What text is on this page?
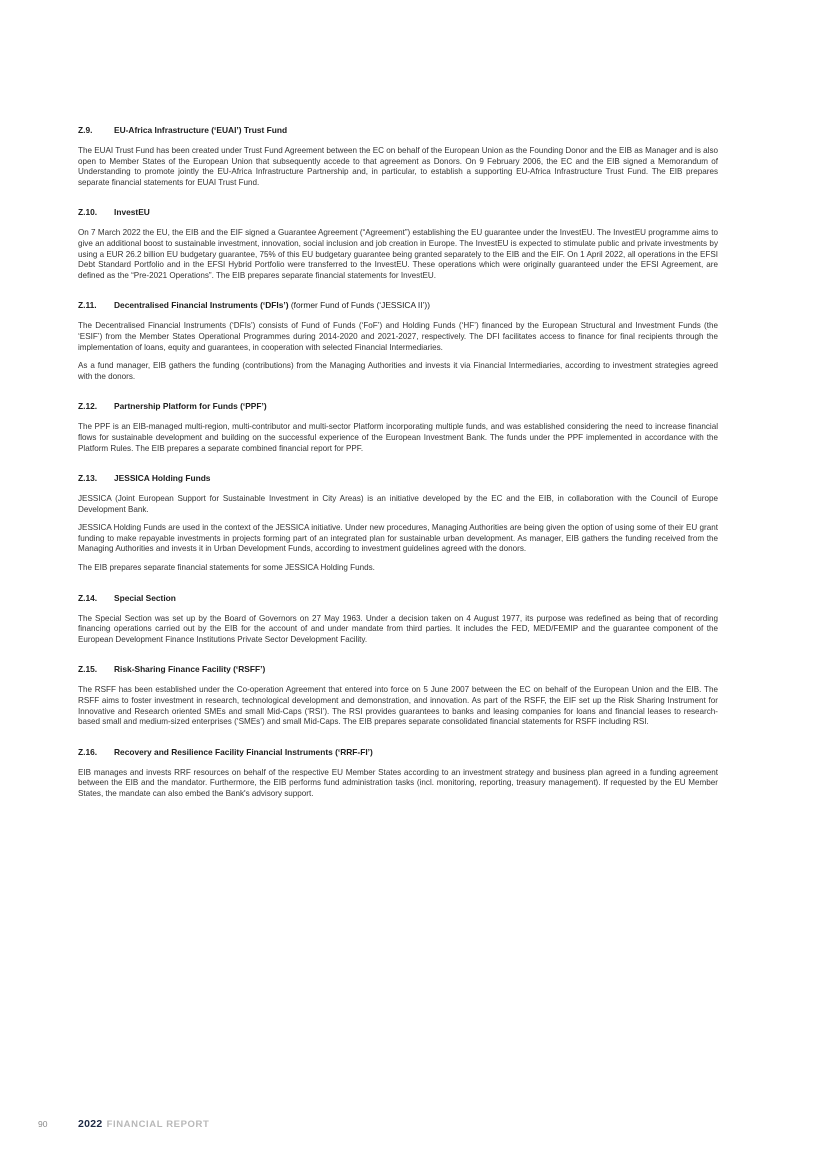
Z.9.	EU-Africa Infrastructure (‘EUAI’) Trust Fund

The EUAI Trust Fund has been created under Trust Fund Agreement between the EC on behalf of the European Union as the Founding Donor and the EIB as Manager and is also open to Member States of the European Union that subsequently accede to that agreement as Donors. On 9 February 2006, the EC and the EIB signed a Memorandum of Understanding to promote jointly the EU-Africa Infrastructure Partnership and, in particular, to establish a supporting EU-Africa Infrastructure Trust Fund. The EIB prepares separate financial statements for EUAI Trust Fund.

Z.10. InvestEU

On 7 March 2022 the EU, the EIB and the EIF signed a Guarantee Agreement (“Agreement”) establishing the EU guarantee under the InvestEU. The InvestEU programme aims to give an additional boost to sustainable investment, innovation, social inclusion and job creation in Europe. The InvestEU is expected to stimulate public and private investments by using a EUR 26.2 billion EU budgetary guarantee, 75% of this EU budgetary guarantee being granted separately to the EIB and the EIF. On 1 April 2022, all operations in the EFSI Debt Standard Portfolio and in the EFSI Hybrid Portfolio were transferred to the InvestEU. These operations which were originally guaranteed under the EFSI Agreement, are defined as the “Pre-2021 Operations”. The EIB prepares separate financial statements for InvestEU.

Z.11. Decentralised Financial Instruments (‘DFIs’) (former Fund of Funds (‘JESSICA II’))

The Decentralised Financial Instruments (‘DFIs’) consists of Fund of Funds (‘FoF’) and Holding Funds (‘HF’) financed by the European Structural and Investment Funds (the ‘ESIF’) from the Member States Operational Programmes during 2014-2020 and 2021-2027, respectively. The DFI facilitates access to finance for final recipients through the implementation of loans, equity and guarantees, in cooperation with selected Financial Intermediaries.

As a fund manager, EIB gathers the funding (contributions) from the Managing Authorities and invests it via Financial Intermediaries, according to investment strategies agreed with the donors.

Z.12. Partnership Platform for Funds (‘PPF’)

The PPF is an EIB-managed multi-region, multi-contributor and multi-sector Platform incorporating multiple funds, and was established considering the need to increase financial flows for sustainable development and building on the successful experience of the European Investment Bank. The funds under the PPF implemented in accordance with the Platform Rules. The EIB prepares a separate combined financial report for PPF.

Z.13. JESSICA Holding Funds

JESSICA (Joint European Support for Sustainable Investment in City Areas) is an initiative developed by the EC and the EIB, in collaboration with the Council of Europe Development Bank.

JESSICA Holding Funds are used in the context of the JESSICA initiative. Under new procedures, Managing Authorities are being given the option of using some of their EU grant funding to make repayable investments in projects forming part of an integrated plan for sustainable urban development. As manager, EIB gathers the funding received from the Managing Authorities and invests it in Urban Development Funds, according to investment guidelines agreed with the donors.

The EIB prepares separate financial statements for some JESSICA Holding Funds.

Z.14. Special Section

The Special Section was set up by the Board of Governors on 27 May 1963. Under a decision taken on 4 August 1977, its purpose was redefined as being that of recording financing operations carried out by the EIB for the account of and under mandate from third parties. It includes the FED, MED/FEMIP and the guarantee component of the European Development Finance Institutions Private Sector Development Facility.

Z.15. Risk-Sharing Finance Facility (‘RSFF’)

The RSFF has been established under the Co-operation Agreement that entered into force on 5 June 2007 between the EC on behalf of the European Union and the EIB. The RSFF aims to foster investment in research, technological development and demonstration, and innovation. As part of the RSFF, the EIF set up the Risk Sharing Instrument for Innovative and Research oriented SMEs and small Mid-Caps (‘RSI’). The RSI provides guarantees to banks and leasing companies for loans and financial leases to research-based small and medium-sized enterprises (‘SMEs’) and small Mid-Caps. The EIB prepares separate consolidated financial statements for RSFF including RSI.

Z.16. Recovery and Resilience Facility Financial Instruments (‘RRF-FI’)

EIB manages and invests RRF resources on behalf of the respective EU Member States according to an investment strategy and business plan agreed in a funding agreement between the EIB and the mandator. Furthermore, the EIB performs fund administration tasks (incl. monitoring, reporting, treasury management). If requested by the EU Member States, the mandate can also embed the Bank's advisory support.

90	2022 FINANCIAL REPORT
